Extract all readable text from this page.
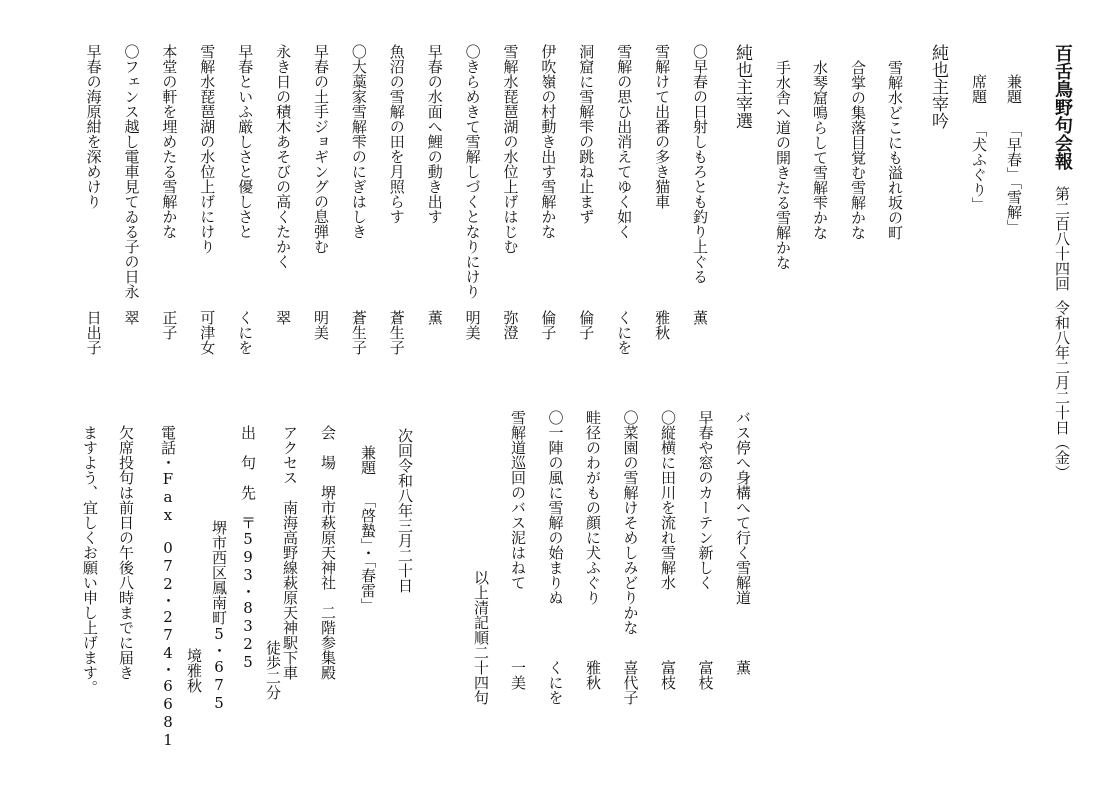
百舌鳥野句会報
第二百八十四回
令和八年二月二十日（金）
兼題 「早春」「雪解」
席題 「犬ふぐり」
純也主宰吟
雪解水どこにも溢れ坂の町
合掌の集落目覚む雪解かな
水琴窟鳴らして雪解雫かな
手水舎へ道の開きたる雪解かな
純也主宰選
〇早春の日射しもろとも釣り上ぐる
薫
雪解けて出番の多き猫車
雅秋
雪解の思ひ出消えてゆく如く
くにを
洞窟に雪解雫の跳ね止まず
倫子
伊吹嶺の村動き出す雪解かな
倫子
雪解水琵琶湖の水位上げはじむ
弥澄
〇きらめきて雪解しづくとなりにけり
明美
早春の水面へ鯉の動き出す
薫
魚沼の雪解の田を月照らす
蒼生子
〇大藁家雪解雫のにぎはしき
蒼生子
早春の土手ジョギングの息弾む
明美
永き日の積木あそびの高くたかく
翠
早春といふ厳しさと優しさと
くにを
雪解水琵琶湖の水位上げにけり
可津女
本堂の軒を埋めたる雪解かな
正子
〇フェンス越し電車見てゐる子の日永
翠
早春の海原紺を深めけり
日出子
バス停へ身構へて行く雪解道
薫
早春や窓のカーテン新しく
富枝
〇縦横に田川を流れ雪解水
富枝
〇菜園の雪解けそめしみどりかな
喜代子
畦径のわがもの顔に犬ふぐり
雅秋
〇一陣の風に雪解の始まりぬ
くにを
雪解道巡回のバス泥はねて
一美
以上清記順二十四句
次回令和八年三月二十日
兼題 「啓蟄」・「春雷」
会　場　堺市萩原天神社　二階参集殿
アクセス　南海高野線萩原天神駅下車
徒歩二分
出　句　先　〒593・8325
堺市西区鳳南町5・675
境雅秋
電話・Fax　072・274・6681
欠席投句は前日の午後八時までに届き
ますよう、宜しくお願い申し上げます。
